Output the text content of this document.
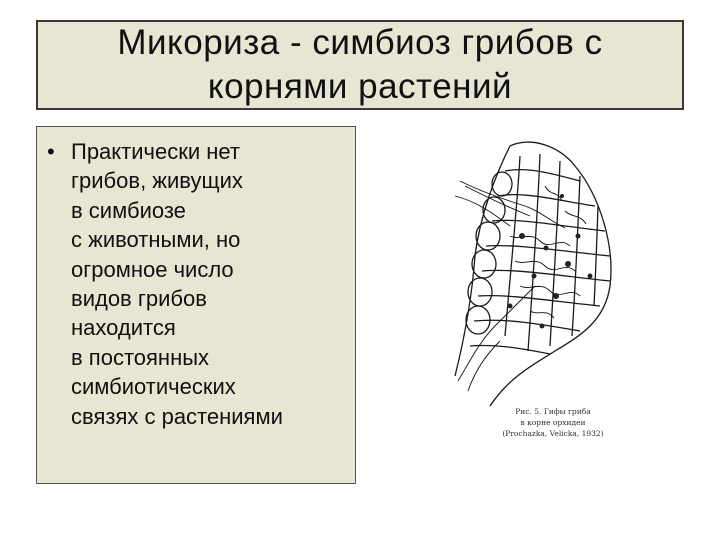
Микориза - симбиоз грибов с
корнями растений
• Практически нет
грибов, живущих
в симбиозе
с животными, но
огромное число
видов грибов
находится
в постоянных
симбиотических
связях с растениями	Рис. 5. Гифы гриба
в корне орхидеи
(Prochazka, Velicka, 1932)
